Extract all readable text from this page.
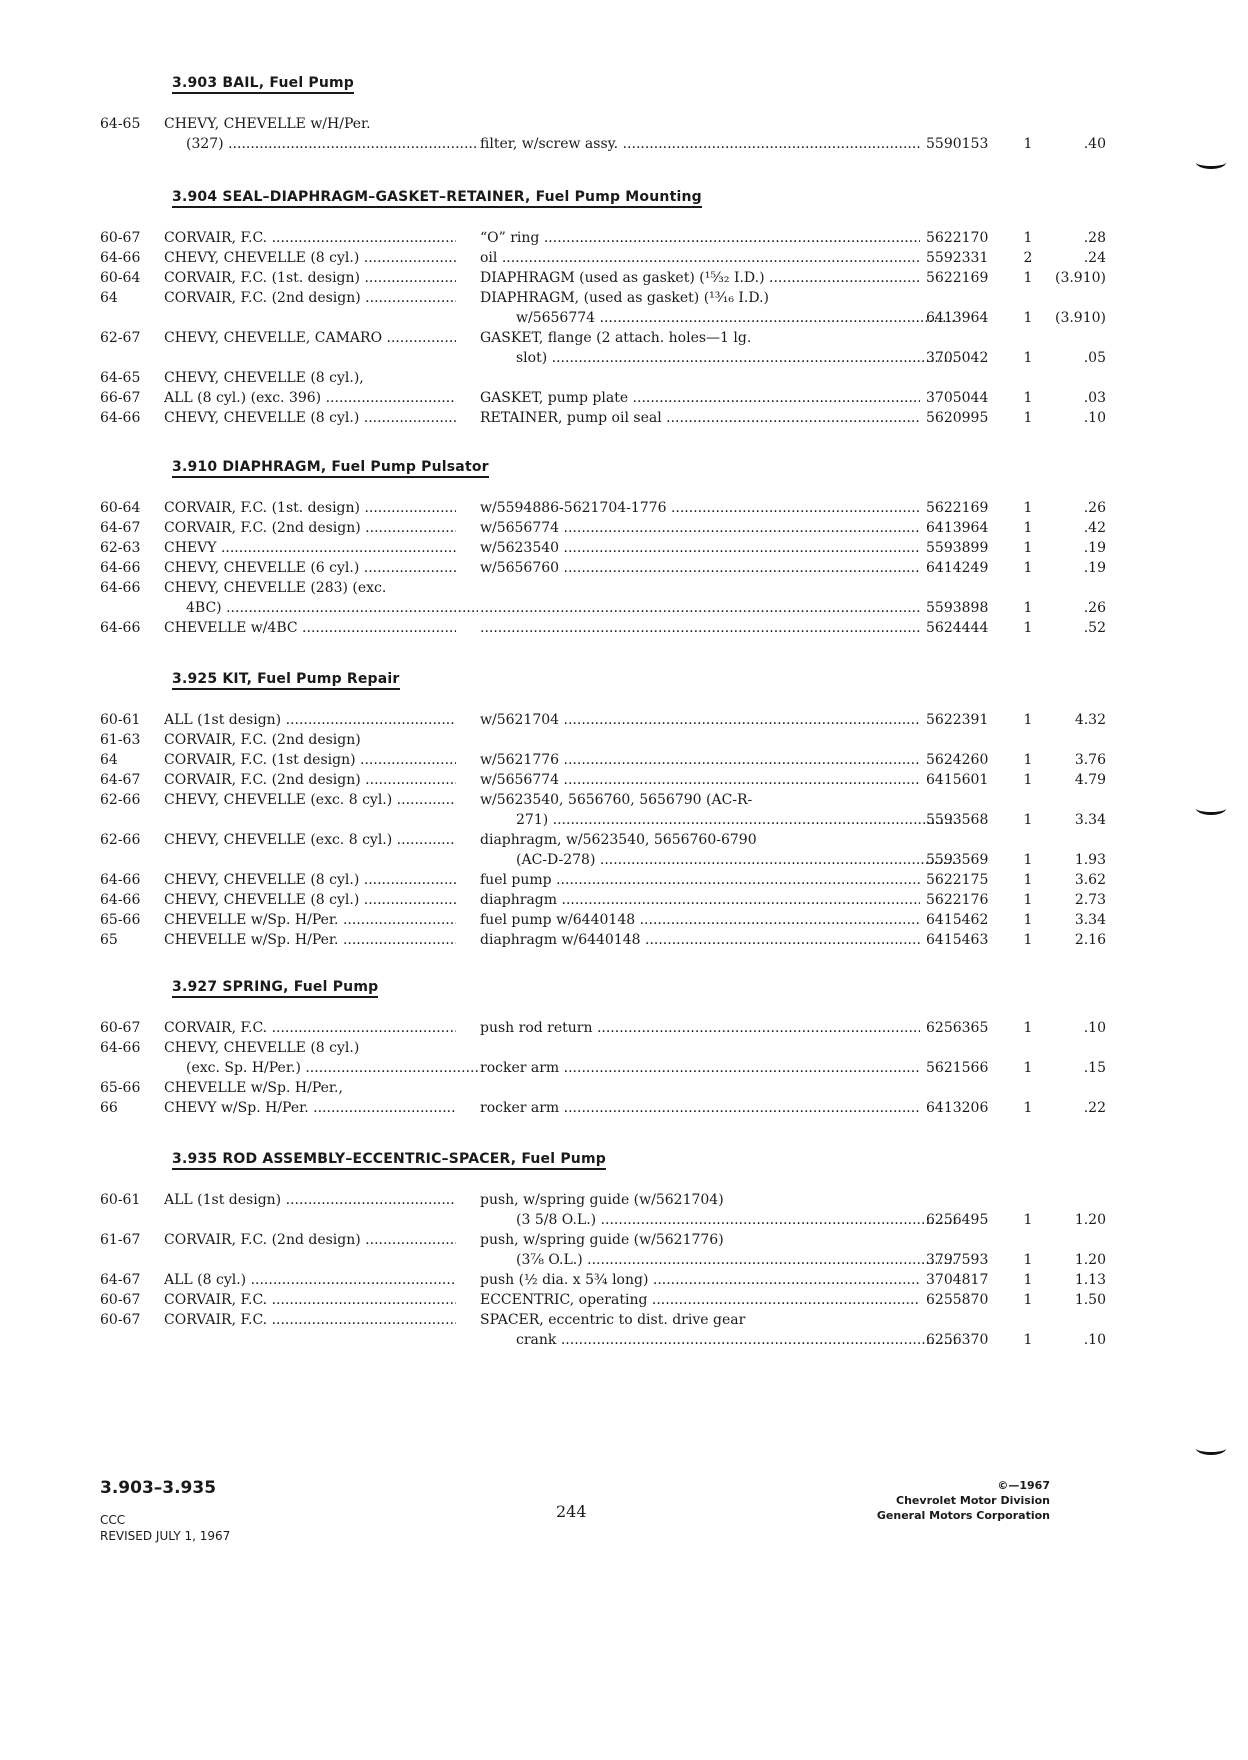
3.903 BAIL, Fuel Pump
64-65	CHEVY, CHEVELLE w/H/Per.
(327) .....	filter, w/screw assy. .....	5590153	1	.40
3.904 SEAL–DIAPHRAGM–GASKET–RETAINER, Fuel Pump Mounting
60-67	CORVAIR, F.C. .....	“O” ring .....	5622170	1	.28
64-66	CHEVY, CHEVELLE (8 cyl.) .....	oil .....	5592331	2	.24
60-64	CORVAIR, F.C. (1st. design) .....	DIAPHRAGM (used as gasket) (¹⁵⁄₃₂ I.D.) .....	5622169	1	(3.910)
64	CORVAIR, F.C. (2nd design) .....	DIAPHRAGM, (used as gasket) (¹³⁄₁₆ I.D.)
w/5656774 .....	6413964	1	(3.910)
62-67	CHEVY, CHEVELLE, CAMARO .....	GASKET, flange (2 attach. holes—1 lg.
slot) .....	3705042	1	.05
64-65	CHEVY, CHEVELLE (8 cyl.),
66-67	ALL (8 cyl.) (exc. 396) .....	GASKET, pump plate .....	3705044	1	.03
64-66	CHEVY, CHEVELLE (8 cyl.) .....	RETAINER, pump oil seal .....	5620995	1	.10
3.910 DIAPHRAGM, Fuel Pump Pulsator
60-64	CORVAIR, F.C. (1st. design) .....	w/5594886-5621704-1776 .....	5622169	1	.26
64-67	CORVAIR, F.C. (2nd design) .....	w/5656774 .....	6413964	1	.42
62-63	CHEVY .....	w/5623540 .....	5593899	1	.19
64-66	CHEVY, CHEVELLE (6 cyl.) .....	w/5656760 .....	6414249	1	.19
64-66	CHEVY, CHEVELLE (283) (exc.
4BC) ..... .....	5593898	1	.26
64-66	CHEVELLE w/4BC ..... .....	5624444	1	.52
3.925 KIT, Fuel Pump Repair
60-61	ALL (1st design) .....	w/5621704 .....	5622391	1	4.32
61-63	CORVAIR, F.C. (2nd design)
64	CORVAIR, F.C. (1st design) .....	w/5621776 .....	5624260	1	3.76
64-67	CORVAIR, F.C. (2nd design) .....	w/5656774 .....	6415601	1	4.79
62-66	CHEVY, CHEVELLE (exc. 8 cyl.) .....	w/5623540, 5656760, 5656790 (AC-R-
271) .....	5593568	1	3.34
62-66	CHEVY, CHEVELLE (exc. 8 cyl.) .....	diaphragm, w/5623540, 5656760-6790
(AC-D-278) .....	5593569	1	1.93
64-66	CHEVY, CHEVELLE (8 cyl.) .....	fuel pump .....	5622175	1	3.62
64-66	CHEVY, CHEVELLE (8 cyl.) .....	diaphragm .....	5622176	1	2.73
65-66	CHEVELLE w/Sp. H/Per. .....	fuel pump w/6440148 .....	6415462	1	3.34
65	CHEVELLE w/Sp. H/Per. .....	diaphragm w/6440148 .....	6415463	1	2.16
3.927 SPRING, Fuel Pump
60-67	CORVAIR, F.C. .....	push rod return .....	6256365	1	.10
64-66	CHEVY, CHEVELLE (8 cyl.)
(exc. Sp. H/Per.) .....	rocker arm .....	5621566	1	.15
65-66	CHEVELLE w/Sp. H/Per.,
66	CHEVY w/Sp. H/Per. .....	rocker arm .....	6413206	1	.22
3.935 ROD ASSEMBLY–ECCENTRIC–SPACER, Fuel Pump
60-61	ALL (1st design) .....	push, w/spring guide (w/5621704)
(3 5/8 O.L.) .....	6256495	1	1.20
61-67	CORVAIR, F.C. (2nd design) .....	push, w/spring guide (w/5621776)
(3⁷⁄₈ O.L.) .....	3797593	1	1.20
64-67	ALL (8 cyl.) .....	push (½ dia. x 5¾ long) .....	3704817	1	1.13
60-67	CORVAIR, F.C. .....	ECCENTRIC, operating .....	6255870	1	1.50
60-67	CORVAIR, F.C. .....	SPACER, eccentric to dist. drive gear
crank .....	6256370	1	.10
3.903–3.935
CCC
REVISED JULY 1, 1967
244
©—1967
Chevrolet Motor Division
General Motors Corporation
